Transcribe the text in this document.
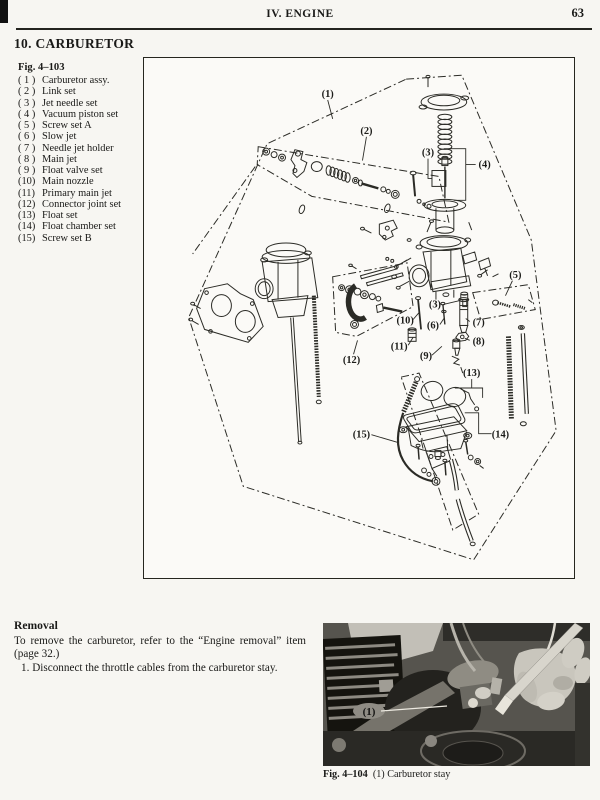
IV. ENGINE	63
10. CARBURETOR
Fig. 4–103
( 1 ) Carburetor assy.
( 2 ) Link set
( 3 ) Jet needle set
( 4 ) Vacuum piston set
( 5 ) Screw set A
( 6 ) Slow jet
( 7 ) Needle jet holder
( 8 ) Main jet
( 9 ) Float valve set
(10) Main nozzle
(11) Primary main jet
(12) Connector joint set
(13) Float set
(14) Float chamber set
(15) Screw set B
(1)
(2)
(3)
(4)
(5)
(3)
(10) (6)	(7)
(11)	(8)
(9)
(12)
(13)
(15)	(14)
Removal
To remove the carburetor, refer to the “Engine removal” item
(page 32.)
1. Disconnect the throttle cables from the carburetor stay.
(1)
Fig. 4–104 (1) Carburetor stay
